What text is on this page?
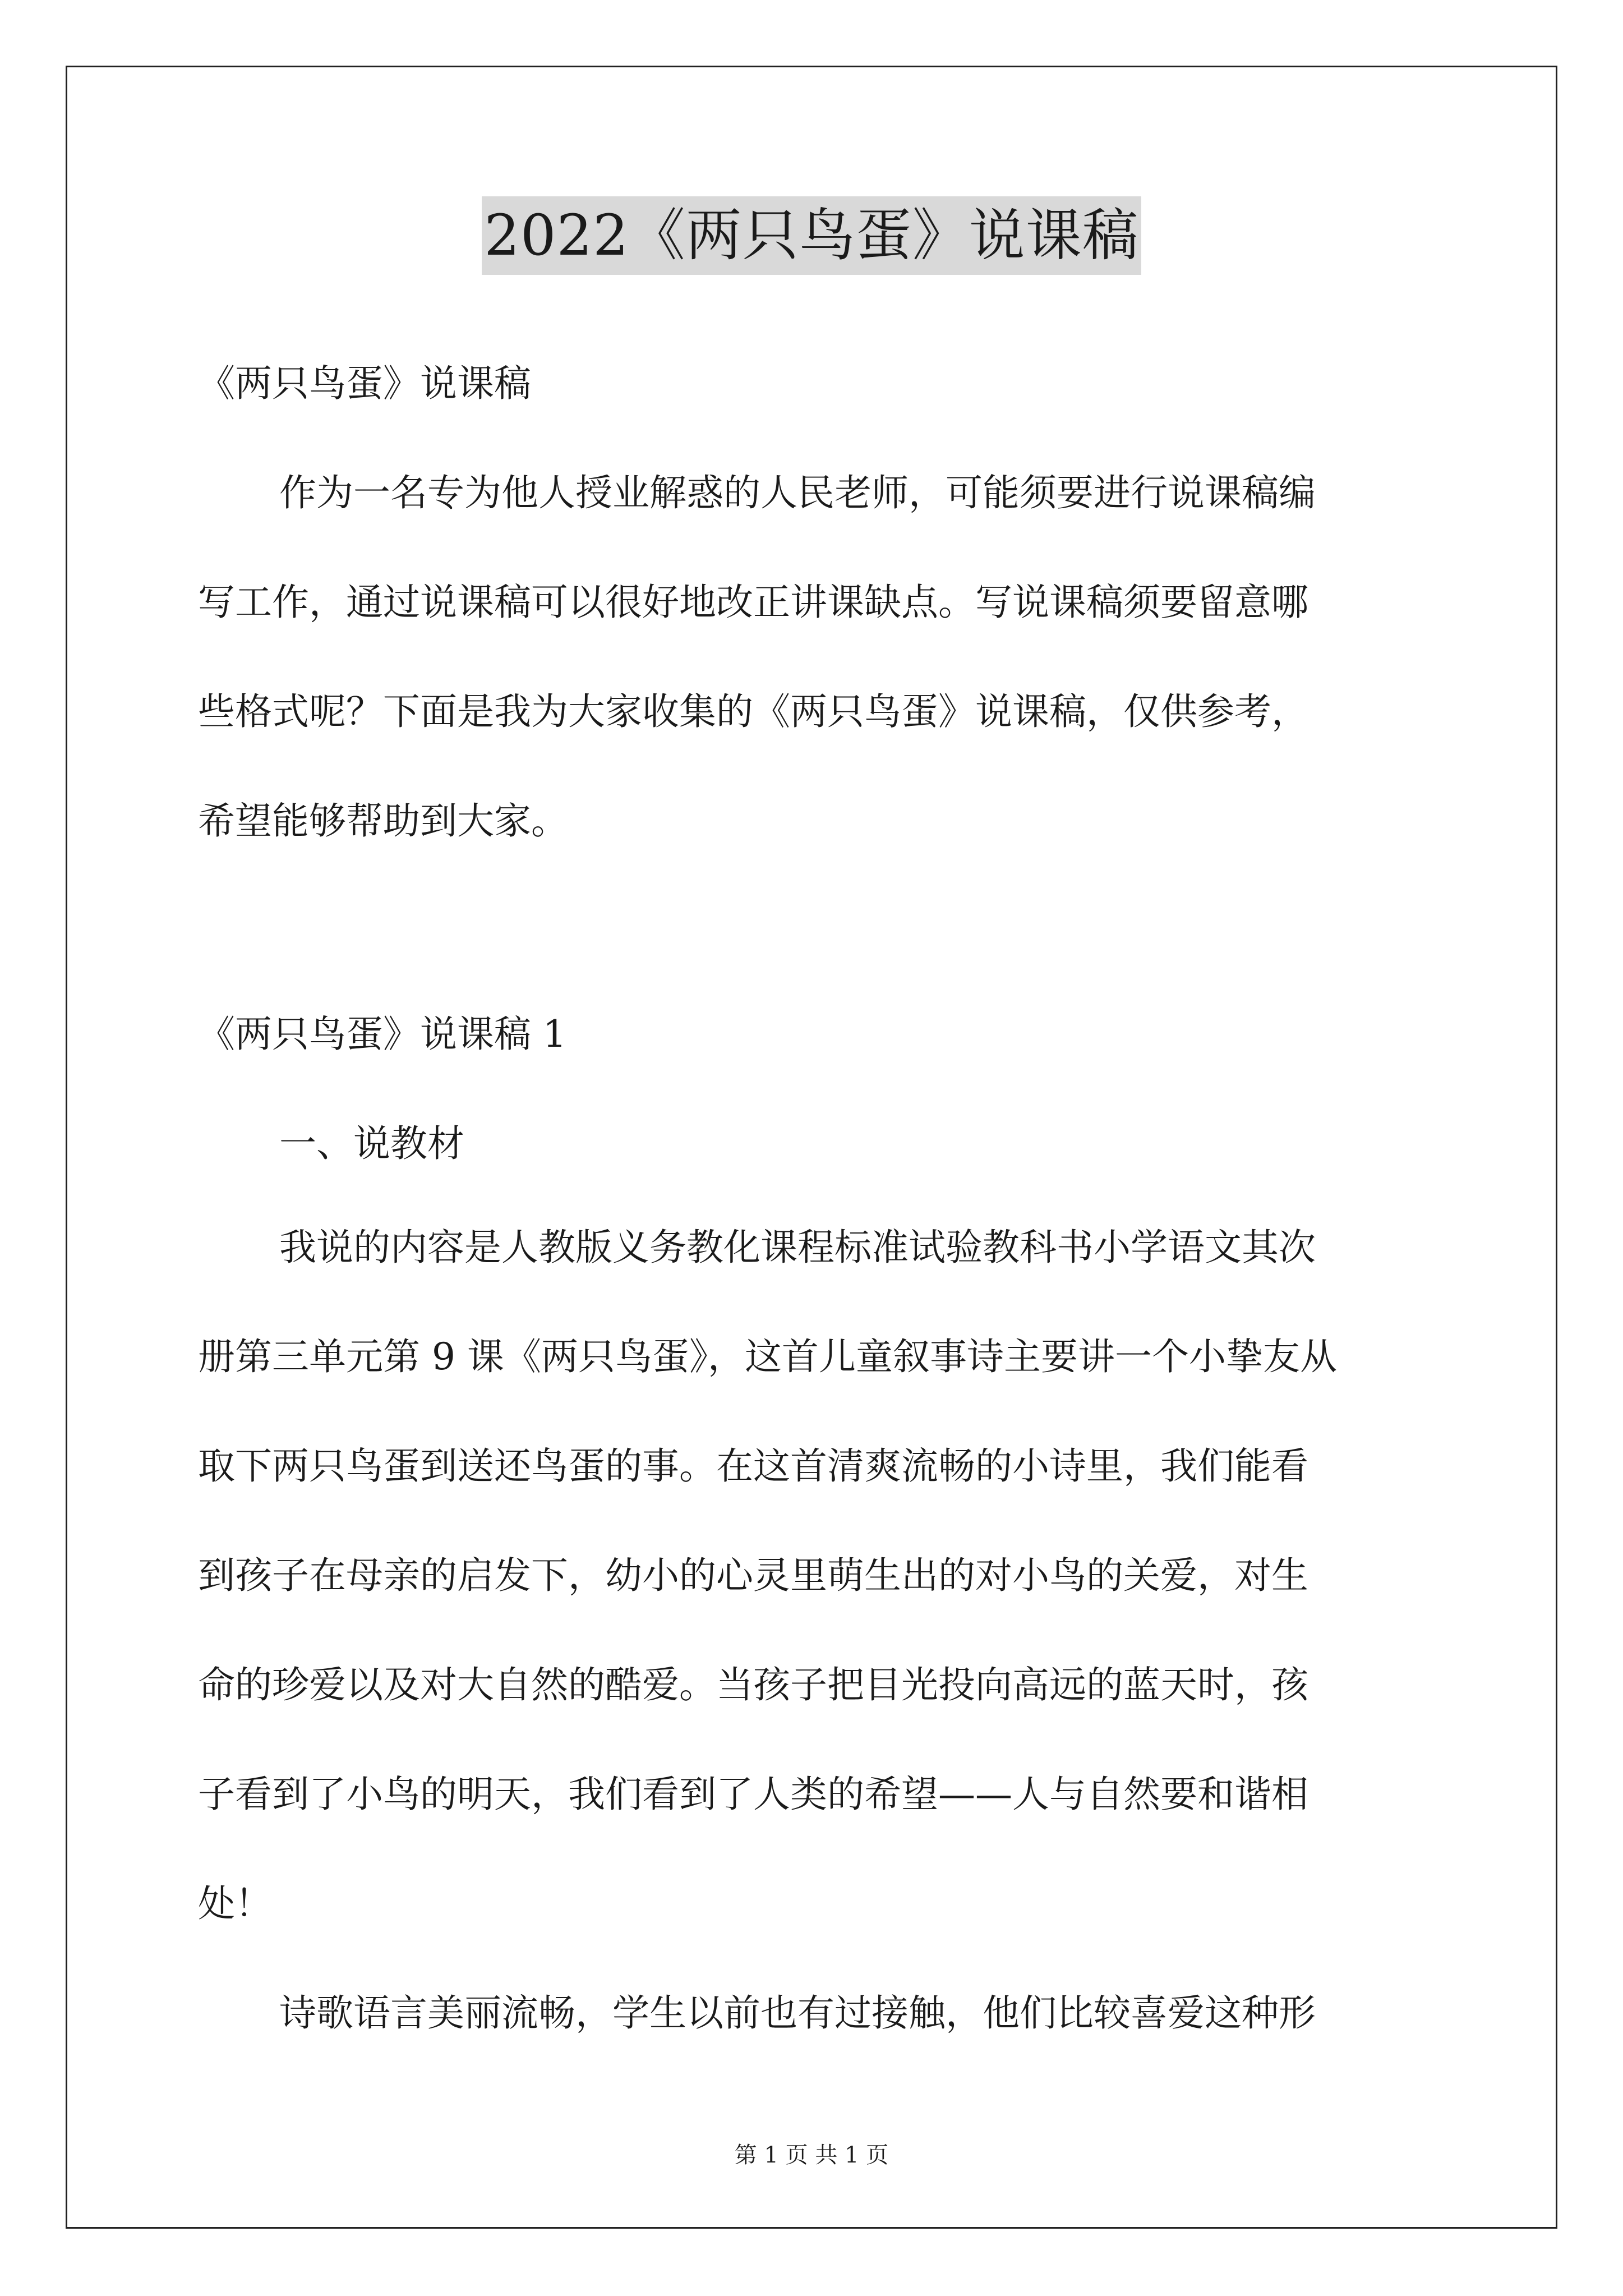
2022《两只鸟蛋》说课稿
《两只鸟蛋》说课稿
作为一名专为他人授业解惑的人民老师，可能须要进行说课稿编
写工作，通过说课稿可以很好地改正讲课缺点。写说课稿须要留意哪
些格式呢？下面是我为大家收集的《两只鸟蛋》说课稿，仅供参考，
希望能够帮助到大家。
《两只鸟蛋》说课稿 1
一、说教材
我说的内容是人教版义务教化课程标准试验教科书小学语文其次
册第三单元第 9 课《两只鸟蛋》，这首儿童叙事诗主要讲一个小挚友从
取下两只鸟蛋到送还鸟蛋的事。在这首清爽流畅的小诗里，我们能看
到孩子在母亲的启发下，幼小的心灵里萌生出的对小鸟的关爱，对生
命的珍爱以及对大自然的酷爱。当孩子把目光投向高远的蓝天时，孩
子看到了小鸟的明天，我们看到了人类的希望——人与自然要和谐相
处！
诗歌语言美丽流畅，学生以前也有过接触，他们比较喜爱这种形
第 1 页 共 1 页
